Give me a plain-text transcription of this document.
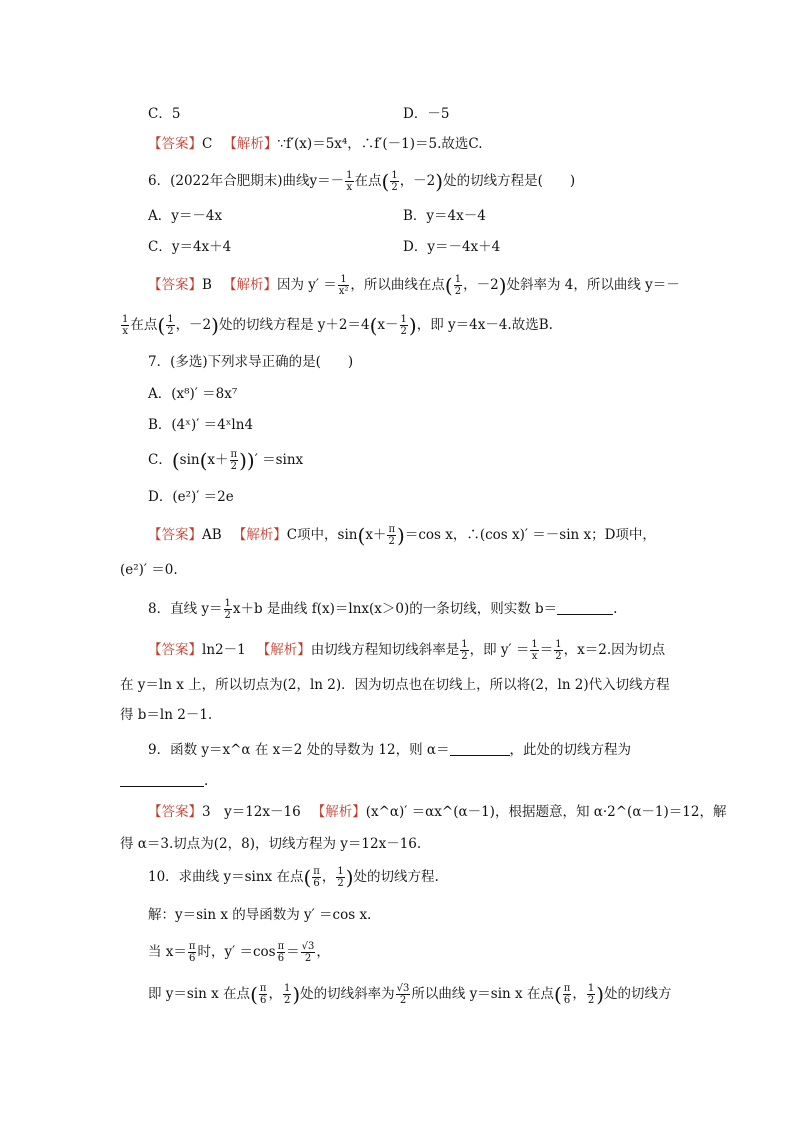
C．5	D．－5
【答案】C 　 【解析】∵f′(x)＝5x⁴，∴f′(－1)＝5.故选C.
6．(2022年合肥期末)曲线$y=- \frac{1}{x}$ 在点( $\frac{1}{2}$ ，－2)处的切线方程是(　　)
A．y＝－4x	B．y＝4x－4
C．y＝4x＋4	D．y＝－4x＋4
【答案】B 　 【解析】因为 $y' = \frac{1}{\text{x²}}$ ，所以曲线在点( $\frac{1}{2}$ ，－2)处斜率为 4，所以曲线 y＝－
$\frac{1}{x}$ 在点( $\frac{1}{2}$ ，－2)处的切线方程是 $y+2=4(x- \frac{1}{2}$ )，即 y＝4x－4.故选B.
7．(多选)下列求导正确的是(　　)
A．(x⁸)′ ＝8x⁷
B．(4ˣ)′ ＝4ˣln4
C．($\sin(x+ \frac{\pi}{2}$ ))′ ＝sinx
D．(e²)′ ＝2e
【答案】AB 　 【解析】C项中，$\sin(x+ \frac{\pi}{2} )=\cos$ x，∴(cos x)′ ＝－sin x；D项中，
(e²)′ ＝0.
8．直线 $y= \frac{1}{2} x+b$ 是曲线 f(x)＝lnx(x＞0)的一条切线，则实数 b＝	.
【答案】ln2－1 　 【解析】由切线方程知切线斜率是 $\frac{1}{2}$ ，即 $y' = \frac{1}{x} = \frac{1}{2}$ ，x＝2.因为切点
在 y＝ln x 上，所以切点为(2，ln 2)．因为切点也在切线上，所以将(2，ln 2)代入切线方程
得 b＝ln 2－1.
9．函数 y＝x^α 在 x＝2 处的导数为 12，则 α＝	，此处的切线方程为
.
【答案】3　y＝12x－16 　 【解析】(x^α)′ ＝αx^(α－1)，根据题意，知 α·2^(α－1)＝12，解
得 α＝3.切点为(2，8)，切线方程为 y＝12x－16.
10．求曲线 y＝sinx 在点( $\frac{\pi}{6}$ ， $\frac{1}{2}$ )处的切线方程.
解：y＝sin x 的导函数为 y′ ＝cos x.
当 $x= \frac{\pi}{6}$ 时，$y' =\cos \frac{\pi}{6} = \frac{√3}{2}$ ，
即 y＝sin x 在点( $\frac{\pi}{6}$ ， $\frac{1}{2}$ )处的切线斜率为 $\frac{√3}{2}$ 所以曲线 y＝sin x 在点( $\frac{\pi}{6}$ ， $\frac{1}{2}$ )处的切线方
